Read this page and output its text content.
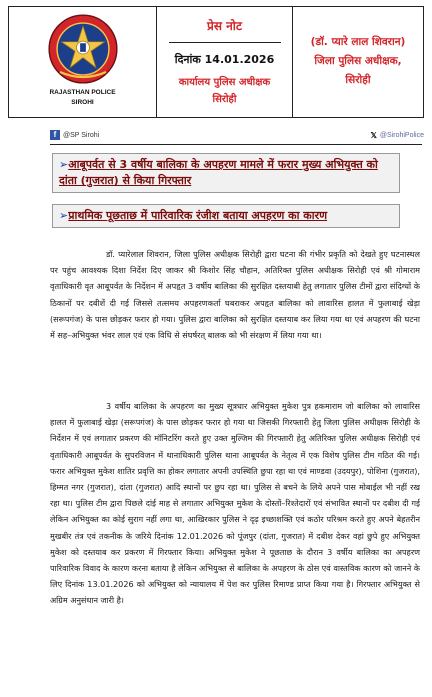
RAJASTHAN POLICE
SIROHI
प्रेस नोट
दिनांक 14.01.2026
कार्यालय पुलिस अधीक्षक
सिरोही
(डॉ. प्यारे लाल शिवरान)
जिला पुलिस अधीक्षक,
सिरोही
f @SP Sirohi	𝕏 @SirohiPolice
➢आबूपर्वत से 3 वर्षीय बालिका के अपहरण मामले में फरार मुख्य अभियुक्त को दांता (गुजरात) से किया गिरफ्तार
➢प्राथमिक पूछताछ में पारिवारिक रंजीश बताया अपहरण का कारण

डॉ. प्यारेलाल शिवरान, जिला पुलिस अधीक्षक सिरोही द्वारा घटना की गंभीर प्रकृति को देखते हुए घटनास्थल पर पहुंच आवश्यक दिशा निर्देश दिए जाकर श्री किशोर सिंह चौहान, अतिरिक्त पुलिस अधीक्षक सिरोही एवं श्री गोमाराम वृताधिकारी वृत आबूपर्वत के निर्देशन में अपहृत 3 वर्षीय बालिका की सुरक्षित दस्तयाबी हेतु लगातार पुलिस टीमों द्वारा संदिग्धों के ठिकानों पर दबीशें दी गई जिससे तत्समय अपहरणकर्ता घबराकर अपहृत बालिका को लावारिस हालत में फुलाबाई खेड़ा (सरूपगंज) के पास छोड़कर फरार हो गया। पुलिस द्वारा बालिका को सुरक्षित दस्तयाब कर लिया गया था एवं अपहरण की घटना में सह–अभियुक्त भंवर लाल एवं एक विधि से संघर्षरत् बालक को भी संरक्षण में लिया गया था।

3 वर्षीय बालिका के अपहरण का मुख्य सूत्रधार अभियुक्त मुकेश पुत्र हकमाराम जो बालिका को लावारिस हालत में फुलाबाई खेड़ा (सरूपगंज) के पास छोड़कर फरार हो गया था जिसकी गिरफ्तारी हेतु जिला पुलिस अधीक्षक सिरोही के निर्देशन में एवं लगातार प्रकरण की मॉनिटरिंग करते हुए उक्त मुल्जिम की गिरफ्तारी हेतु अतिरिक्त पुलिस अधीक्षक सिरोही एवं वृताधिकारी आबूपर्वत के सुपरविजन में थानाधिकारी पुलिस थाना आबूपर्वत के नेतृत्व में एक विशेष पुलिस टीम गठित की गई। फरार अभियुक्त मुकेश शातिर प्रवृत्ति का होकर लगातार अपनी उपस्थिति छुपा रहा था एवं माण्डवा (उदयपुर), पोशिना (गुजरात), हिम्मत नगर (गुजरात), दांता (गुजरात) आदि स्थानों पर छुप रहा था। पुलिस से बचने के लिये अपने पास मोबाईल भी नहीं रख रहा था। पुलिस टीम द्वारा पिछले दांई माह से लगातार अभियुक्त मुकेश के दोस्तों–रिश्तेदारों एवं संभावित स्थानों पर दबीश दी गई लेकिन अभियुक्त का कोई सुराग नहीं लगा था, आखिरकार पुलिस ने दृढ़ इच्छाशक्ति एवं कठोर परिश्रम करते हुए अपने बेहतरीन मुखबीर तंत्र एवं तकनीक के जरिये दिनांक 12.01.2026 को पूंजपुर (दांता, गुजरात) में दबीश देकर वहां छुपे हुए अभियुक्त मुकेश को दस्तयाब कर प्रकरण में गिरफ्तार किया। अभियुक्त मुकेश ने पूछताछ के दौरान 3 वर्षीय बालिका का अपहरण पारिवारिक विवाद के कारण करना बताया है लेकिन अभियुक्त से बालिका के अपहरण के ठोस एवं वास्तविक कारण को जानने के लिए दिनांक 13.01.2026 को अभियुक्त को न्यायालय में पेश कर पुलिस रिमाण्ड प्राप्त किया गया है। गिरफ्तार अभियुक्त से अग्रिम अनुसंधान जारी है।
